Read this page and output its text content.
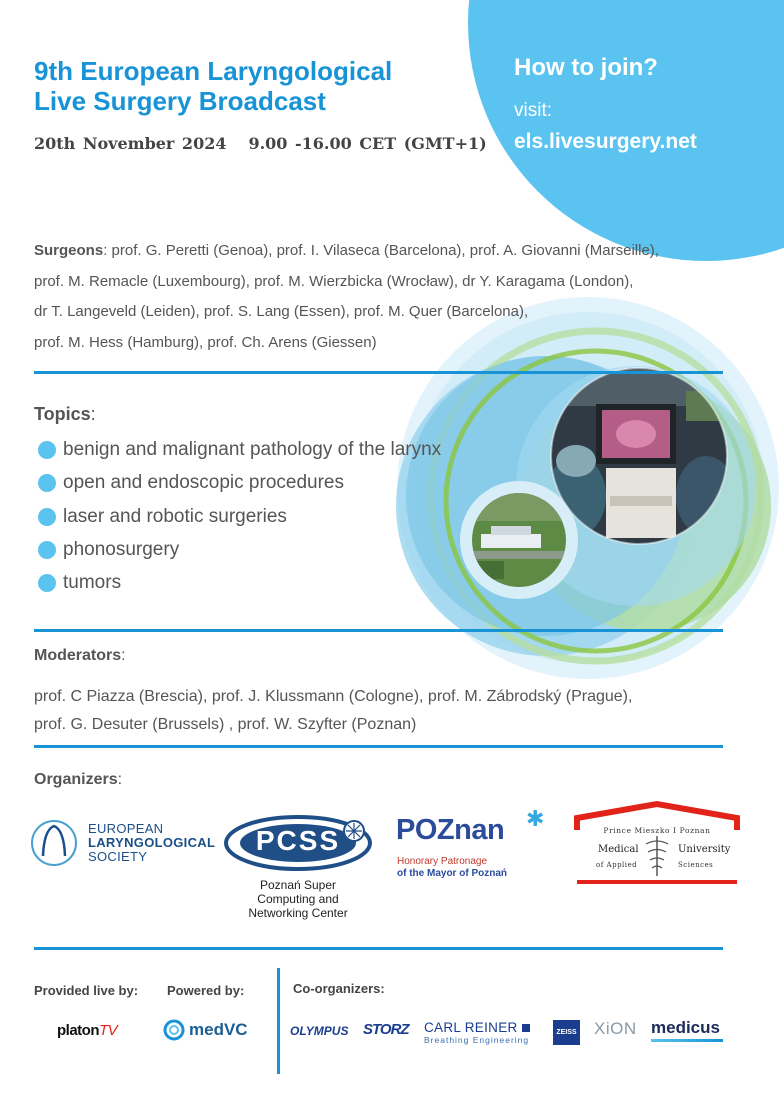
9th European Laryngological
Live Surgery Broadcast
20th November 2024 9.00 -16.00 CET (GMT+1)
How to join?
visit:
els.livesurgery.net
Surgeons: prof. G. Peretti (Genoa), prof. I. Vilaseca (Barcelona), prof. A. Giovanni (Marseille),
prof. M. Remacle (Luxembourg), prof. M. Wierzbicka (Wrocław), dr Y. Karagama (London),
dr T. Langeveld (Leiden), prof. S. Lang (Essen), prof. M. Quer (Barcelona),
prof. M. Hess (Hamburg), prof. Ch. Arens (Giessen)
Topics:
benign and malignant pathology of the larynx
open and endoscopic procedures
laser and robotic surgeries
phonosurgery
tumors
Moderators:
prof. C Piazza (Brescia), prof. J. Klussmann (Cologne), prof. M. Zábrodský (Prague),
prof. G. Desuter (Brussels) , prof. W. Szyfter (Poznan)
Organizers:
EUROPEAN
LARYNGOLOGICAL
SOCIETY
PCSS
Poznań Super
Computing and
Networking Center
POZnan ✱
Honorary Patronage
of the Mayor of Poznań
Prince Mieszko I Poznan
Medical	University
of Applied	Sciences
Provided live by: Powered by:	Co-organizers:
platonTV	medVC	OLYMPUS STORZ CARL REINER
Breathing Engineering
ZEISS XiON medicus
